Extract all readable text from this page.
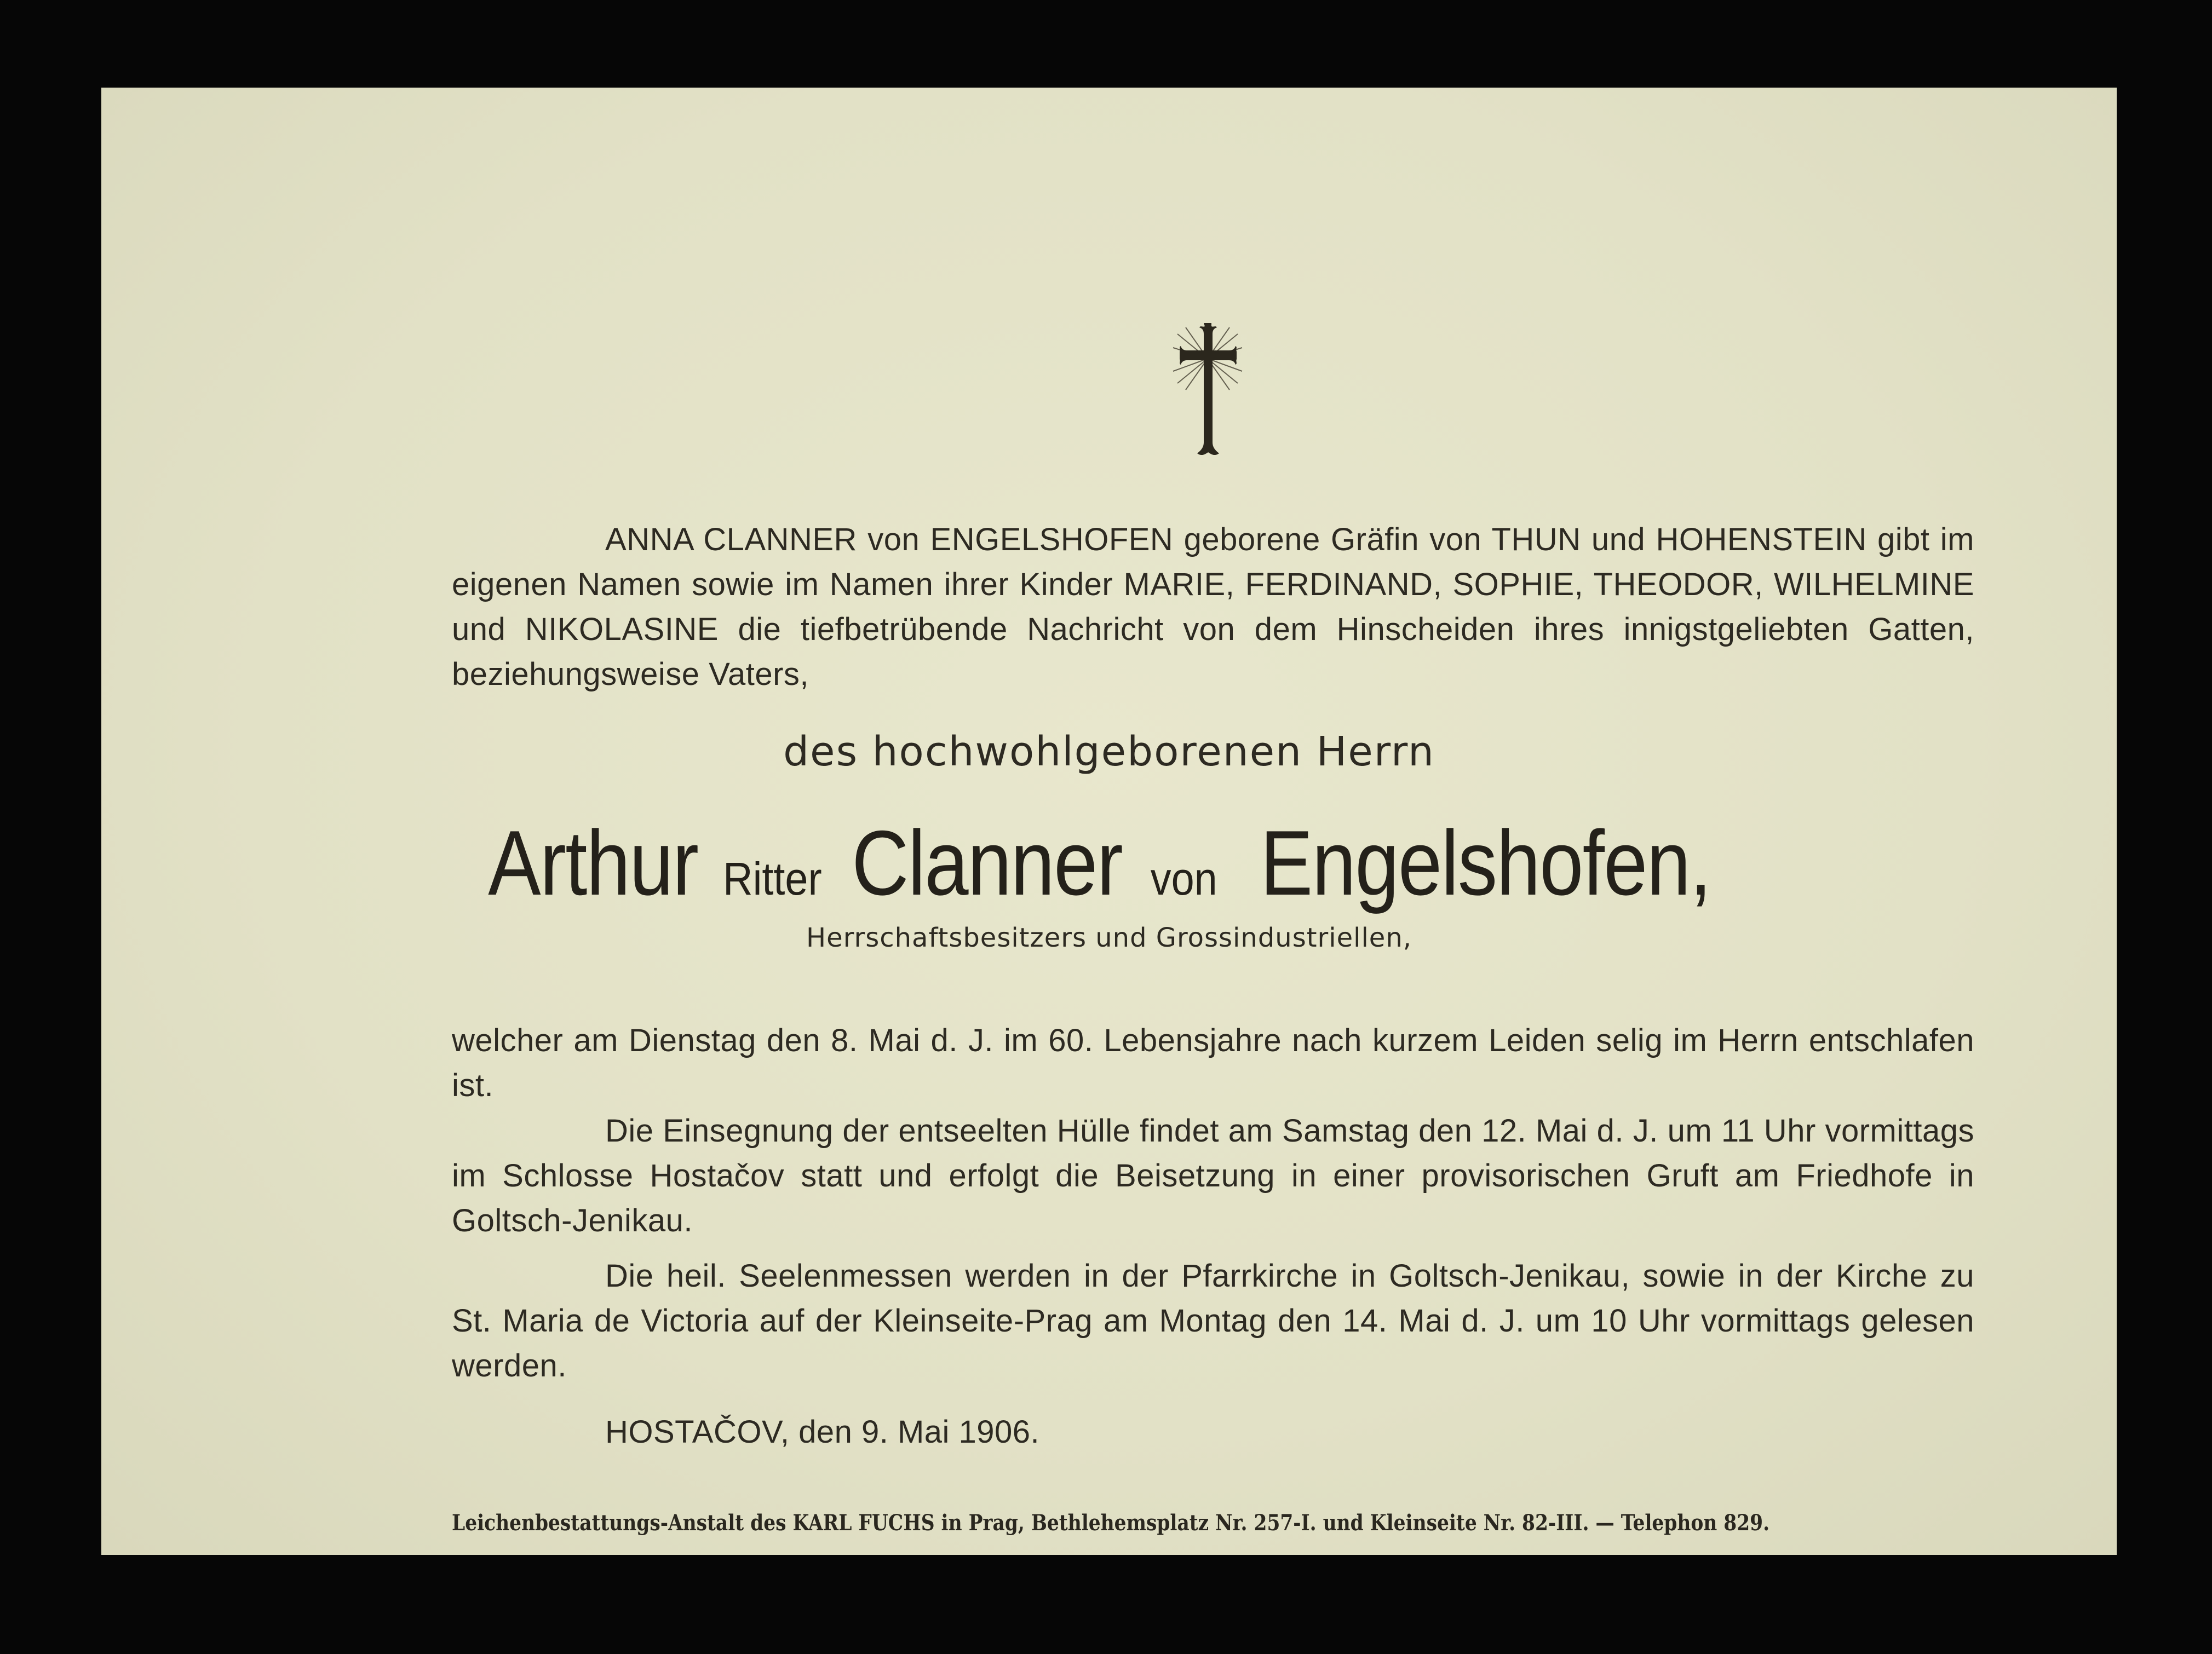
ANNA CLANNER von ENGELSHOFEN geborene Gräfin von THUN und HOHENSTEIN gibt im eigenen Namen sowie im Namen ihrer Kinder MARIE, FERDINAND, SOPHIE, THEODOR, WILHELMINE und NIKOLASINE die tiefbetrübende Nachricht von dem Hinscheiden ihres innigstgeliebten Gatten, beziehungsweise Vaters,
des hochwohlgeborenen Herrn
Arthur Ritter Clanner von Engelshofen,
Herrschaftsbesitzers und Grossindustriellen,
welcher am Dienstag den 8. Mai d. J. im 60. Lebensjahre nach kurzem Leiden selig im Herrn entschlafen ist.
Die Einsegnung der entseelten Hülle findet am Samstag den 12. Mai d. J. um 11 Uhr vormittags im Schlosse Hostačov statt und erfolgt die Beisetzung in einer provisorischen Gruft am Friedhofe in Goltsch-Jenikau.
Die heil. Seelenmessen werden in der Pfarrkirche in Goltsch-Jenikau, sowie in der Kirche zu St. Maria de Victoria auf der Kleinseite-Prag am Montag den 14. Mai d. J. um 10 Uhr vormittags gelesen werden.
HOSTAČOV, den 9. Mai 1906.
Leichenbestattungs-Anstalt des KARL FUCHS in Prag, Bethlehemsplatz Nr. 257-I. und Kleinseite Nr. 82-III. — Telephon 829.
